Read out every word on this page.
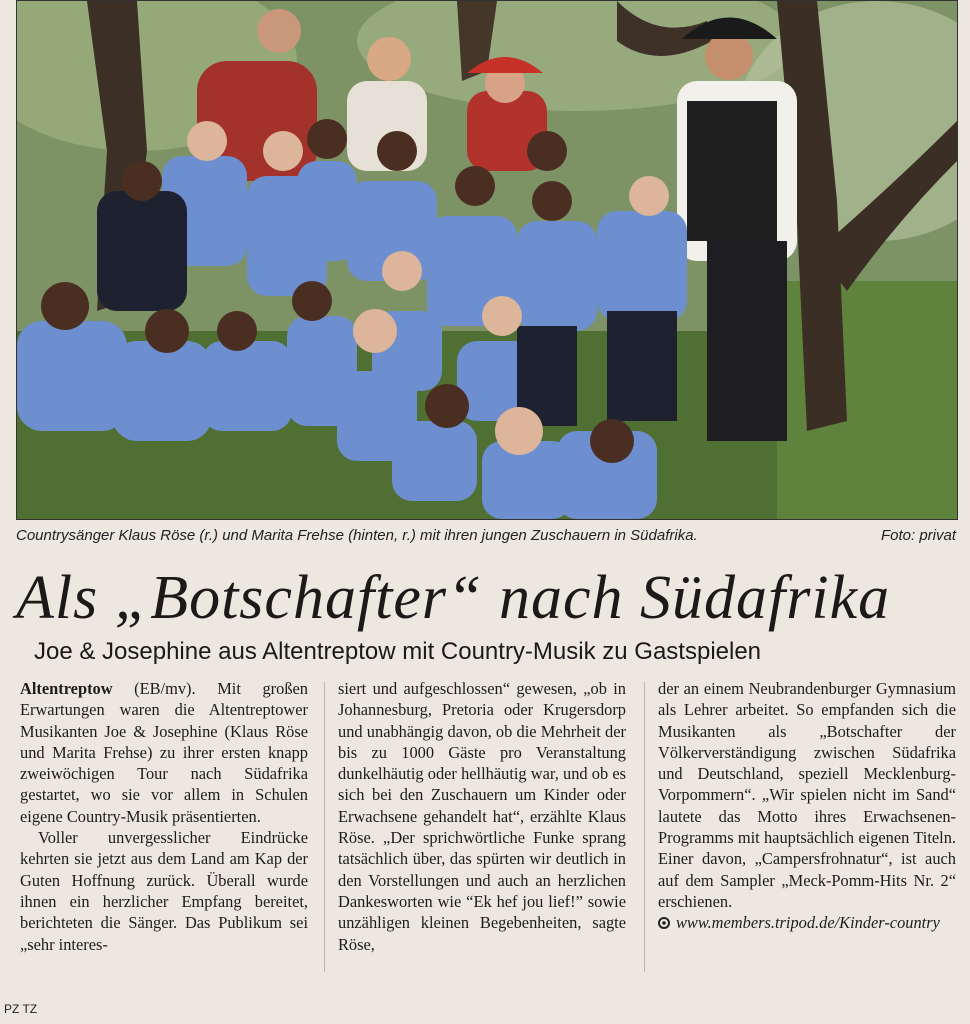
Countrysänger Klaus Röse (r.) und Marita Frehse (hinten, r.) mit ihren jungen Zuschauern in Südafrika.	Foto: privat
Als „Botschafter“ nach Südafrika
Joe & Josephine aus Altentreptow mit Country-Musik zu Gastspielen

Altentreptow (EB/mv). Mit großen Erwartungen waren die Altentreptower Musikanten Joe & Josephine (Klaus Röse und Marita Frehse) zu ihrer ersten knapp zweiwöchigen Tour nach Südafrika gestartet, wo sie vor allem in Schulen eigene Country-Musik präsentierten.

Voller unvergesslicher Eindrücke kehrten sie jetzt aus dem Land am Kap der Guten Hoffnung zurück. Überall wurde ihnen ein herzlicher Empfang bereitet, berichteten die Sänger. Das Publikum sei „sehr interes-

siert und aufgeschlossen“ gewesen, „ob in Johannesburg, Pretoria oder Krugersdorp und unabhängig davon, ob die Mehrheit der bis zu 1000 Gäste pro Veranstaltung dunkelhäutig oder hellhäutig war, und ob es sich bei den Zuschauern um Kinder oder Erwachsene gehandelt hat“, erzählte Klaus Röse. „Der sprichwörtliche Funke sprang tatsächlich über, das spürten wir deutlich in den Vorstellungen und auch an herzlichen Dankesworten wie “Ek hef jou lief!” sowie unzähligen kleinen Begebenheiten, sagte Röse,

der an einem Neubrandenburger Gymnasium als Lehrer arbeitet. So empfanden sich die Musikanten als „Botschafter der Völkerverständigung zwischen Südafrika und Deutschland, speziell Mecklenburg-Vorpommern“. „Wir spielen nicht im Sand“ lautete das Motto ihres Erwachsenen-Programms mit hauptsächlich eigenen Titeln. Einer davon, „Campersfrohnatur“, ist auch auf dem Sampler „Meck-Pomm-Hits Nr. 2“ erschienen.

www.members.tripod.de/Kinder-country

PZ TZ
